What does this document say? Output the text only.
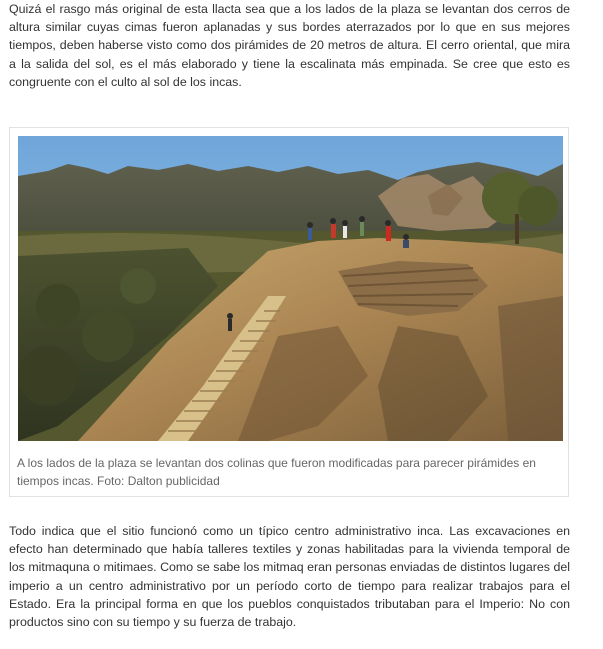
Quizá el rasgo más original de esta llacta sea que a los lados de la plaza se levantan dos cerros de altura similar cuyas cimas fueron aplanadas y sus bordes aterrazados por lo que en sus mejores tiempos, deben haberse visto como dos pirámides de 20 metros de altura. El cerro oriental, que mira a la salida del sol, es el más elaborado y tiene la escalinata más empinada. Se cree que esto es congruente con el culto al sol de los incas.

A los lados de la plaza se levantan dos colinas que fueron modificadas para parecer pirámides en tiempos incas. Foto: Dalton publicidad

Todo indica que el sitio funcionó como un típico centro administrativo inca. Las excavaciones en efecto han determinado que había talleres textiles y zonas habilitadas para la vivienda temporal de los mitmaquna o mitimaes. Como se sabe los mitmaq eran personas enviadas de distintos lugares del imperio a un centro administrativo por un período corto de tiempo para realizar trabajos para el Estado. Era la principal forma en que los pueblos conquistados tributaban para el Imperio: No con productos sino con su tiempo y su fuerza de trabajo.
